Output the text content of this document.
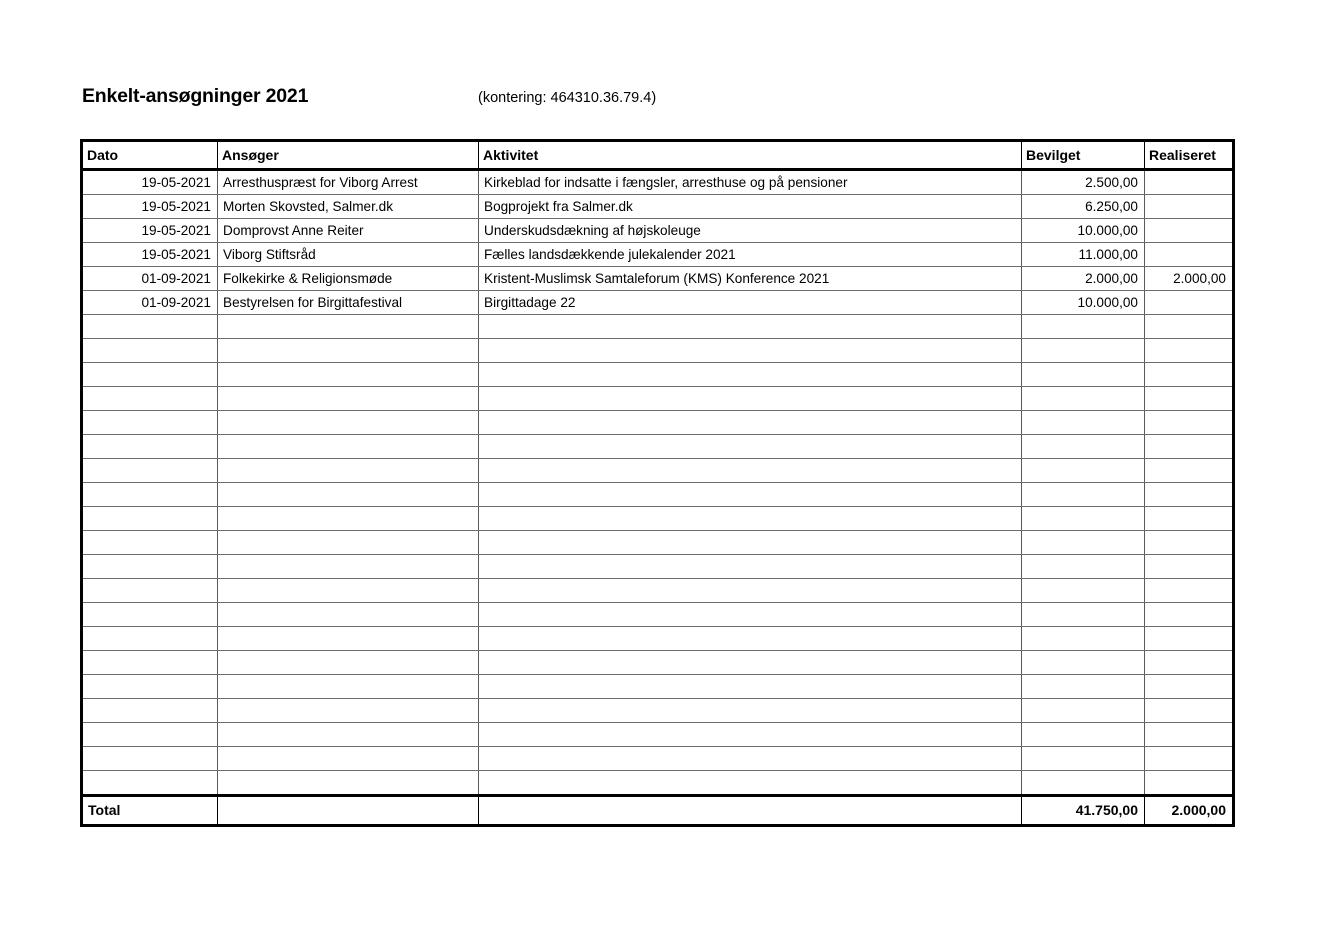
Enkelt-ansøgninger 2021	(kontering: 464310.36.79.4)
Dato	Ansøger	Aktivitet	Bevilget	Realiseret
19-05-2021	Arresthuspræst for Viborg Arrest	Kirkeblad for indsatte i fængsler, arresthuse og på pensioner	2.500,00	
19-05-2021	Morten Skovsted, Salmer.dk	Bogprojekt fra Salmer.dk	6.250,00	
19-05-2021	Domprovst Anne Reiter	Underskudsdækning af højskoleuge	10.000,00	
19-05-2021	Viborg Stiftsråd	Fælles landsdækkende julekalender 2021	11.000,00	
01-09-2021	Folkekirke & Religionsmøde	Kristent-Muslimsk Samtaleforum (KMS) Konference 2021	2.000,00	2.000,00
01-09-2021	Bestyrelsen for Birgittafestival	Birgittadage 22	10.000,00	

Total			41.750,00	2.000,00
